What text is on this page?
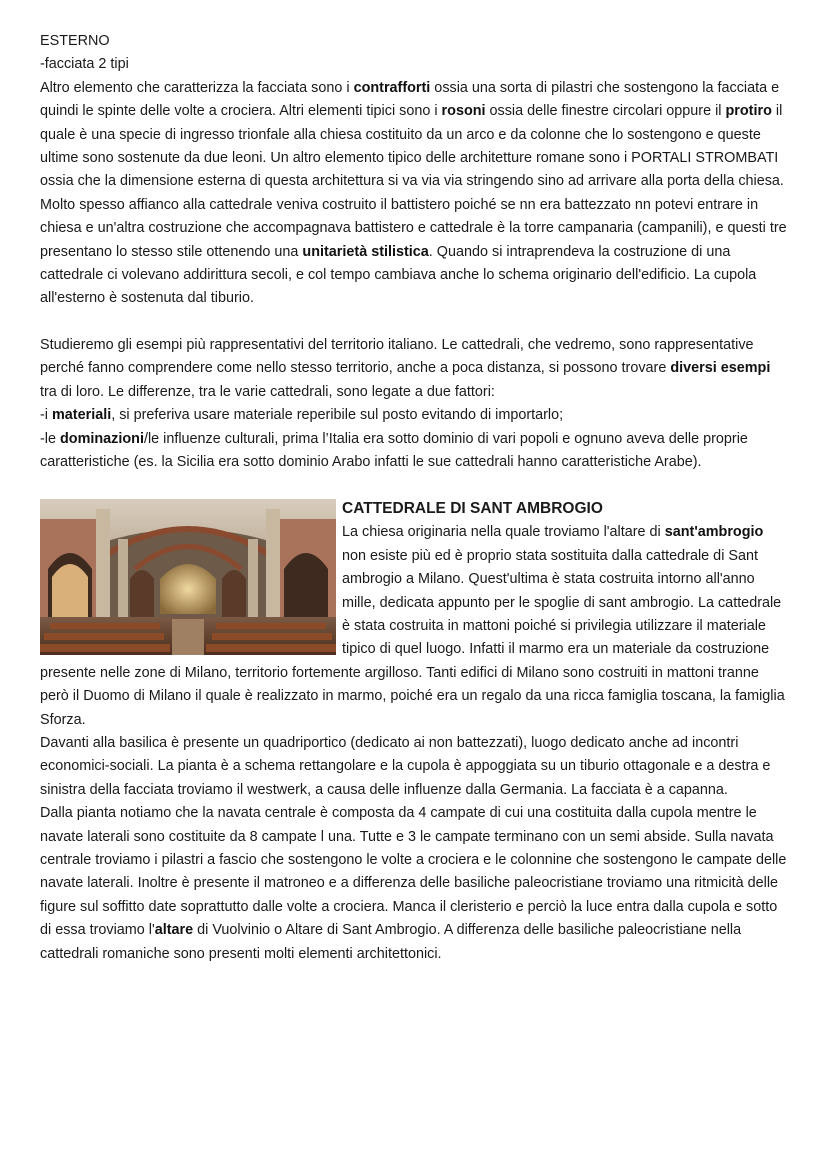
ESTERNO

-facciata 2 tipi

Altro elemento che caratterizza la facciata sono i contrafforti ossia una sorta di pilastri che sostengono la facciata e quindi le spinte delle volte a crociera. Altri elementi tipici sono i rosoni ossia delle finestre circolari oppure il protiro il quale è una specie di ingresso trionfale alla chiesa costituito da un arco e da colonne che lo sostengono e queste ultime sono sostenute da due leoni. Un altro elemento tipico delle architetture romane sono i PORTALI STROMBATI ossia che la dimensione esterna di questa architettura si va via via stringendo sino ad arrivare alla porta della chiesa. Molto spesso affianco alla cattedrale veniva costruito il battistero poiché se nn era battezzato nn potevi entrare in chiesa e un'altra costruzione che accompagnava battistero e cattedrale è la torre campanaria (campanili), e questi tre presentano lo stesso stile ottenendo una unitarietà stilistica. Quando si intraprendeva la costruzione di una cattedrale ci volevano addirittura secoli, e col tempo cambiava anche lo schema originario dell'edificio. La cupola all'esterno è sostenuta dal tiburio.

Studieremo gli esempi più rappresentativi del territorio italiano. Le cattedrali, che vedremo, sono rappresentative perché fanno comprendere come nello stesso territorio, anche a poca distanza, si possono trovare diversi esempi tra di loro. Le differenze, tra le varie cattedrali, sono legate a due fattori:

-i materiali, si preferiva usare materiale reperibile sul posto evitando di importarlo;

-le dominazioni/le influenze culturali, prima l’Italia era sotto dominio di vari popoli e ognuno aveva delle proprie caratteristiche (es. la Sicilia era sotto dominio Arabo infatti le sue cattedrali hanno caratteristiche Arabe).

CATTEDRALE DI SANT AMBROGIO

La chiesa originaria nella quale troviamo l'altare di sant'ambrogio non esiste più ed è proprio stata sostituita dalla cattedrale di Sant ambrogio a Milano. Quest'ultima è stata costruita intorno all'anno mille, dedicata appunto per le spoglie di sant ambrogio. La cattedrale è stata costruita in mattoni poiché si privilegia utilizzare il materiale tipico di quel luogo. Infatti il marmo era un materiale da costruzione presente nelle zone di Milano, territorio fortemente argilloso. Tanti edifici di Milano sono costruiti in mattoni tranne però il Duomo di Milano il quale è realizzato in marmo, poiché era un regalo da una ricca famiglia toscana, la famiglia Sforza.

Davanti alla basilica è presente un quadriportico (dedicato ai non battezzati), luogo dedicato anche ad incontri economici-sociali. La pianta è a schema rettangolare e la cupola è appoggiata su un tiburio ottagonale e a destra e sinistra della facciata troviamo il westwerk, a causa delle influenze dalla Germania. La facciata è a capanna.

Dalla pianta notiamo che la navata centrale è composta da 4 campate di cui una costituita dalla cupola mentre le navate laterali sono costituite da 8 campate l una. Tutte e 3 le campate terminano con un semi abside. Sulla navata centrale troviamo i pilastri a fascio che sostengono le volte a crociera e le colonnine che sostengono le campate delle navate laterali. Inoltre è presente il matroneo e a differenza delle basiliche paleocristiane troviamo una ritmicità delle figure sul soffitto date soprattutto dalle volte a crociera. Manca il cleristerio e perciò la luce entra dalla cupola e sotto di essa troviamo l'altare di Vuolvinio o Altare di Sant Ambrogio. A differenza delle basiliche paleocristiane nella cattedrali romaniche sono presenti molti elementi architettonici.
